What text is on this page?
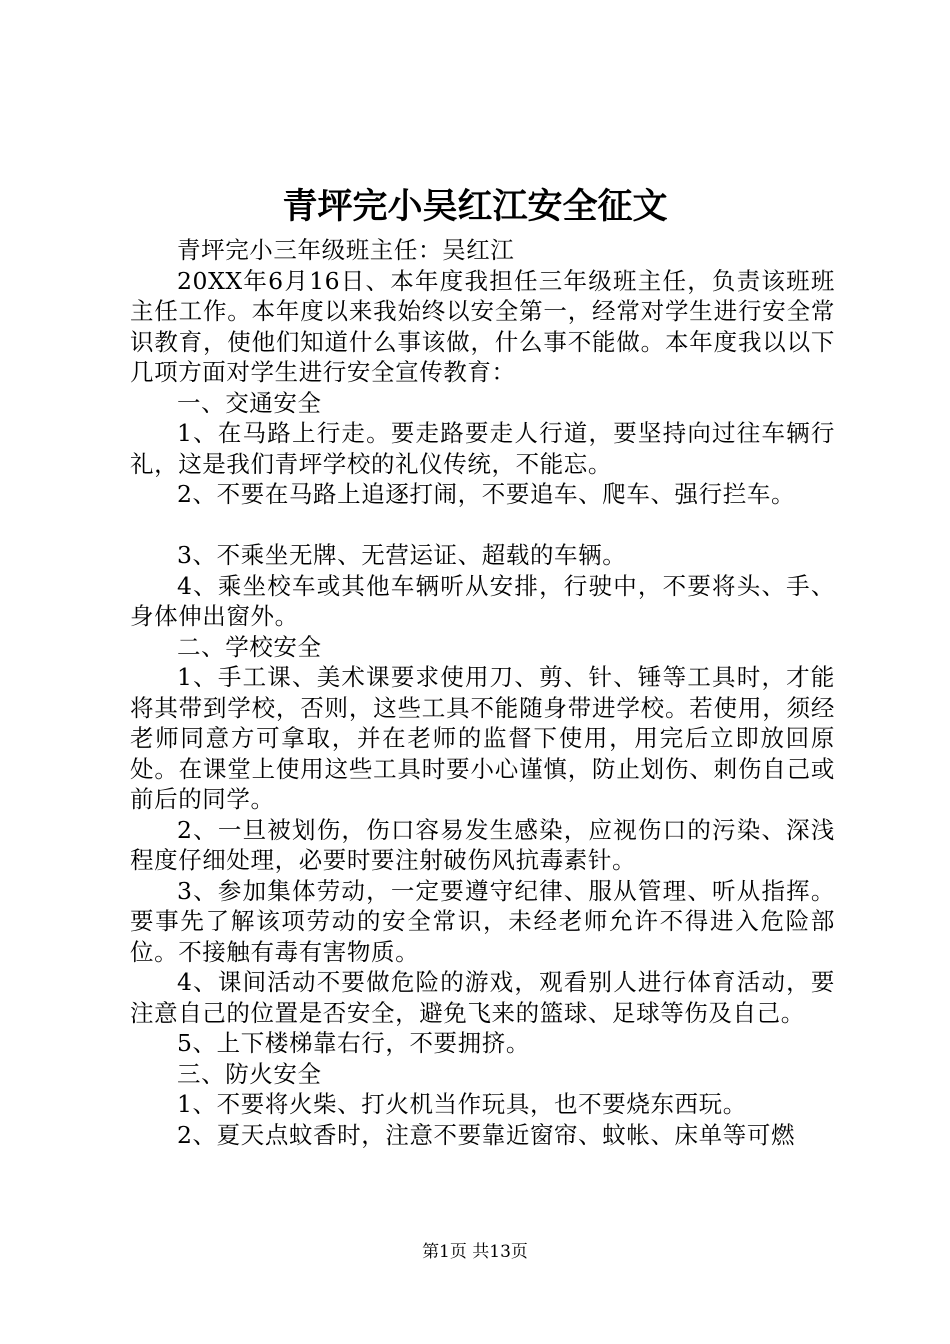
青坪完小吴红江安全征文

青坪完小三年级班主任：吴红江

20XX年6月16日、本年度我担任三年级班主任，负责该班班主任工作。本年度以来我始终以安全第一，经常对学生进行安全常识教育，使他们知道什么事该做，什么事不能做。本年度我以以下几项方面对学生进行安全宣传教育：

一、交通安全

1、在马路上行走。要走路要走人行道，要坚持向过往车辆行礼，这是我们青坪学校的礼仪传统，不能忘。

2、不要在马路上追逐打闹，不要追车、爬车、强行拦车。

3、不乘坐无牌、无营运证、超载的车辆。

4、乘坐校车或其他车辆听从安排，行驶中，不要将头、手、身体伸出窗外。

二、学校安全

1、手工课、美术课要求使用刀、剪、针、锤等工具时，才能将其带到学校，否则，这些工具不能随身带进学校。若使用，须经老师同意方可拿取，并在老师的监督下使用，用完后立即放回原处。在课堂上使用这些工具时要小心谨慎，防止划伤、刺伤自己或前后的同学。

2、一旦被划伤，伤口容易发生感染，应视伤口的污染、深浅程度仔细处理，必要时要注射破伤风抗毒素针。

3、参加集体劳动，一定要遵守纪律、服从管理、听从指挥。要事先了解该项劳动的安全常识，未经老师允许不得进入危险部位。不接触有毒有害物质。

4、课间活动不要做危险的游戏，观看别人进行体育活动，要注意自己的位置是否安全，避免飞来的篮球、足球等伤及自己。

5、上下楼梯靠右行，不要拥挤。

三、防火安全

1、不要将火柴、打火机当作玩具，也不要烧东西玩。

2、夏天点蚊香时，注意不要靠近窗帘、蚊帐、床单等可燃

第1页 共13页
